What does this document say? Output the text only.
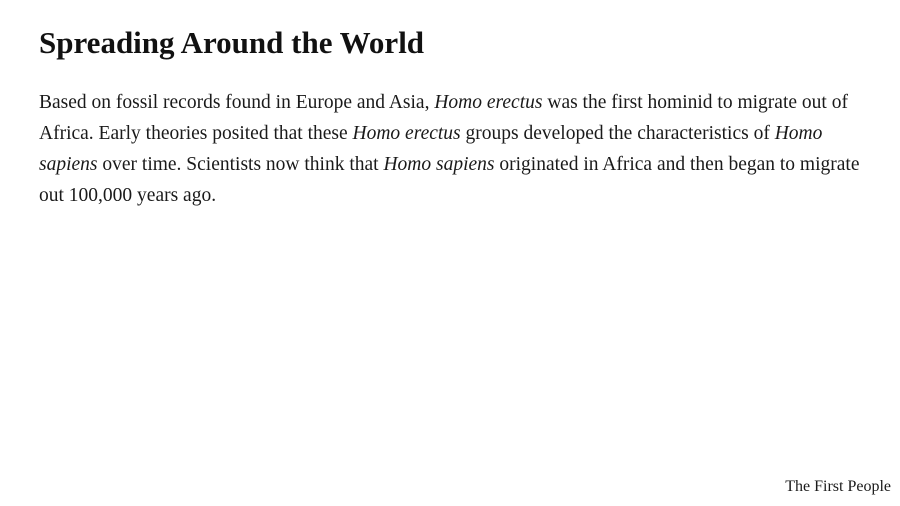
Spreading Around the World

Based on fossil records found in Europe and Asia, Homo erectus was the first hominid to migrate out of Africa. Early theories posited that these Homo erectus groups developed the characteristics of Homo sapiens over time. Scientists now think that Homo sapiens originated in Africa and then began to migrate out 100,000 years ago.

The First People
